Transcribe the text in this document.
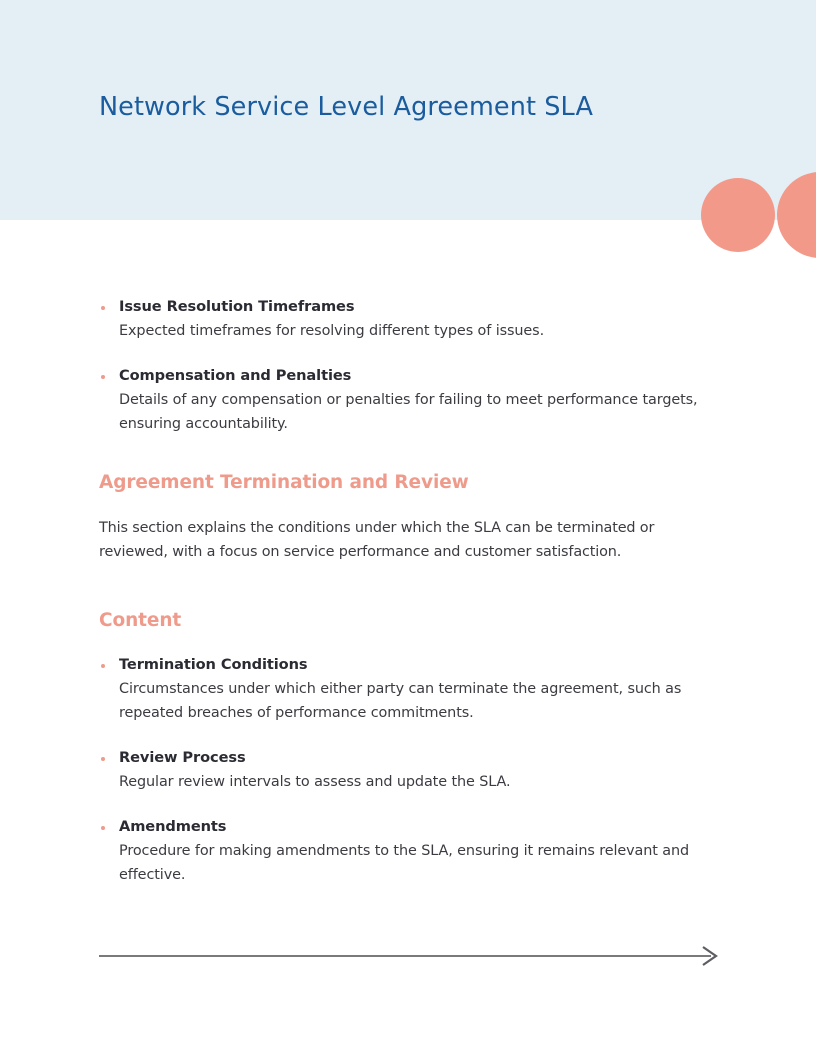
Network Service Level Agreement SLA
Issue Resolution Timeframes
Expected timeframes for resolving different types of issues.
Compensation and Penalties
Details of any compensation or penalties for failing to meet performance targets, ensuring accountability.
Agreement Termination and Review
This section explains the conditions under which the SLA can be terminated or reviewed, with a focus on service performance and customer satisfaction.
Content
Termination Conditions
Circumstances under which either party can terminate the agreement, such as repeated breaches of performance commitments.
Review Process
Regular review intervals to assess and update the SLA.
Amendments
Procedure for making amendments to the SLA, ensuring it remains relevant and effective.
